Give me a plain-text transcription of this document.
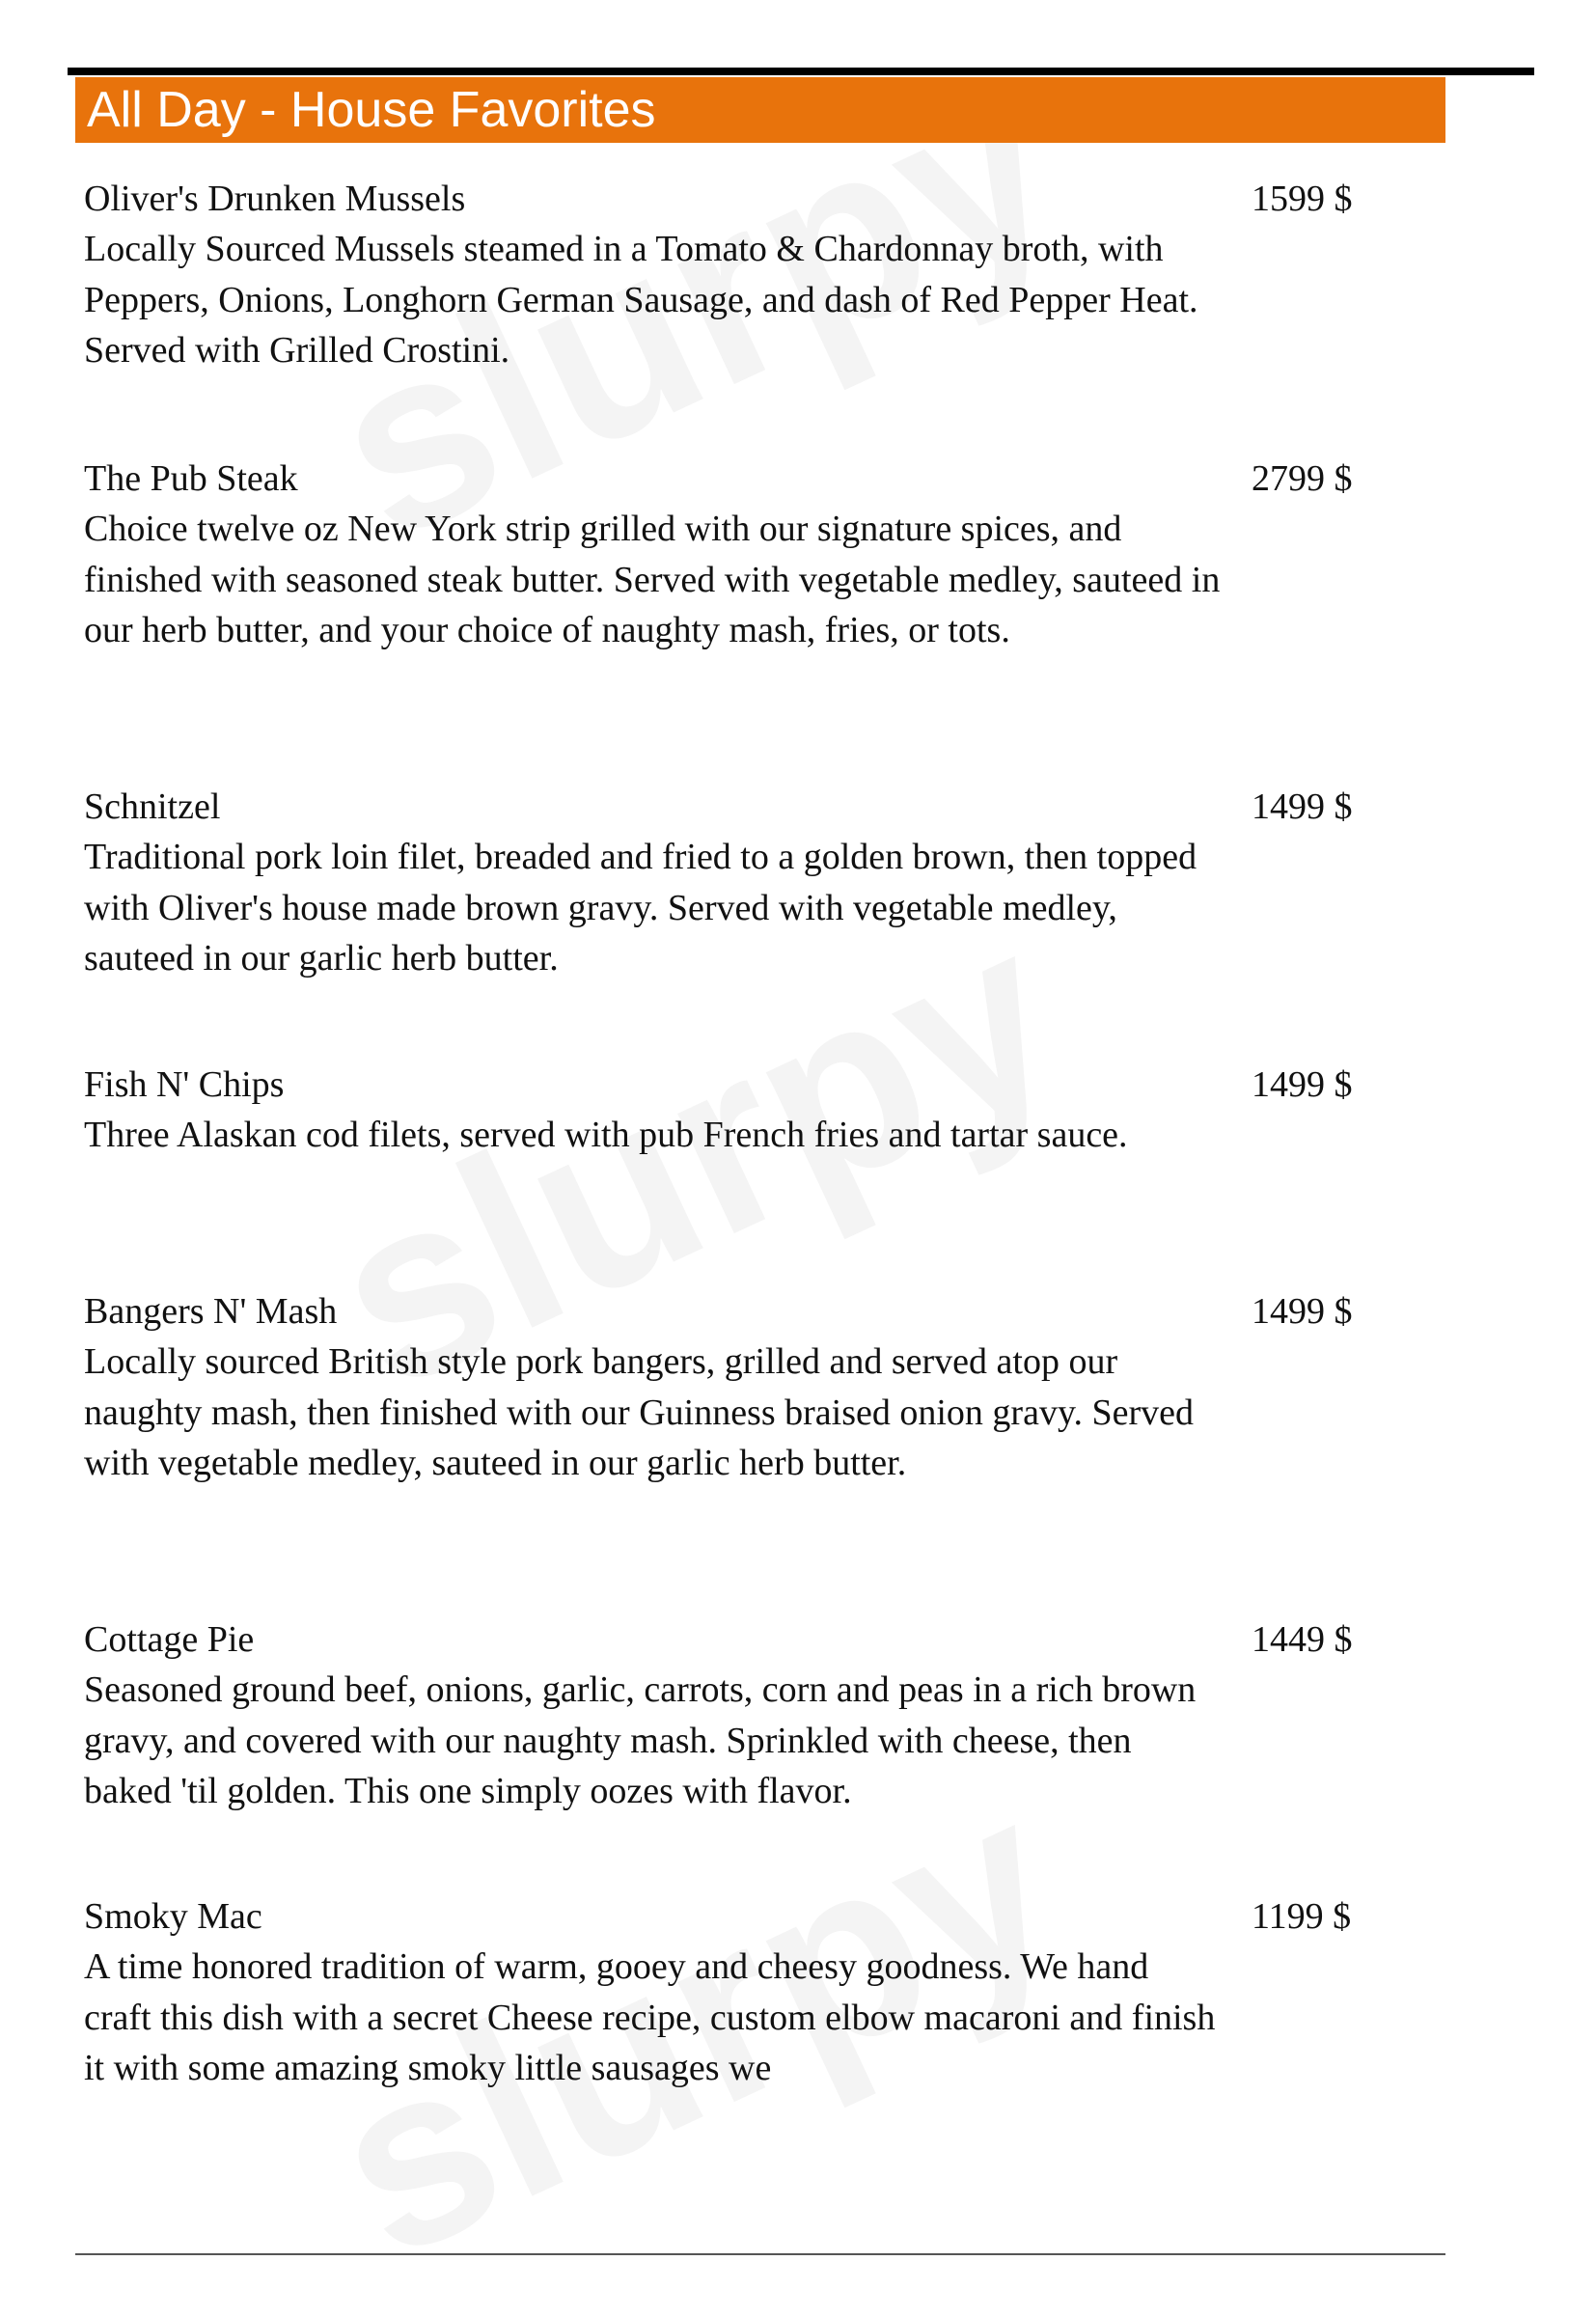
All Day - House Favorites
Oliver's Drunken Mussels	1599 $
Locally Sourced Mussels steamed in a Tomato & Chardonnay broth, with Peppers, Onions, Longhorn German Sausage, and dash of Red Pepper Heat. Served with Grilled Crostini.
The Pub Steak	2799 $
Choice twelve oz New York strip grilled with our signature spices, and finished with seasoned steak butter. Served with vegetable medley, sauteed in our herb butter, and your choice of naughty mash, fries, or tots.
Schnitzel	1499 $
Traditional pork loin filet, breaded and fried to a golden brown, then topped with Oliver's house made brown gravy. Served with vegetable medley, sauteed in our garlic herb butter.
Fish N' Chips	1499 $
Three Alaskan cod filets, served with pub French fries and tartar sauce.
Bangers N' Mash	1499 $
Locally sourced British style pork bangers, grilled and served atop our naughty mash, then finished with our Guinness braised onion gravy. Served with vegetable medley, sauteed in our garlic herb butter.
Cottage Pie	1449 $
Seasoned ground beef, onions, garlic, carrots, corn and peas in a rich brown gravy, and covered with our naughty mash. Sprinkled with cheese, then baked 'til golden. This one simply oozes with flavor.
Smoky Mac	1199 $
A time honored tradition of warm, gooey and cheesy goodness. We hand craft this dish with a secret Cheese recipe, custom elbow macaroni and finish it with some amazing smoky little sausages we
